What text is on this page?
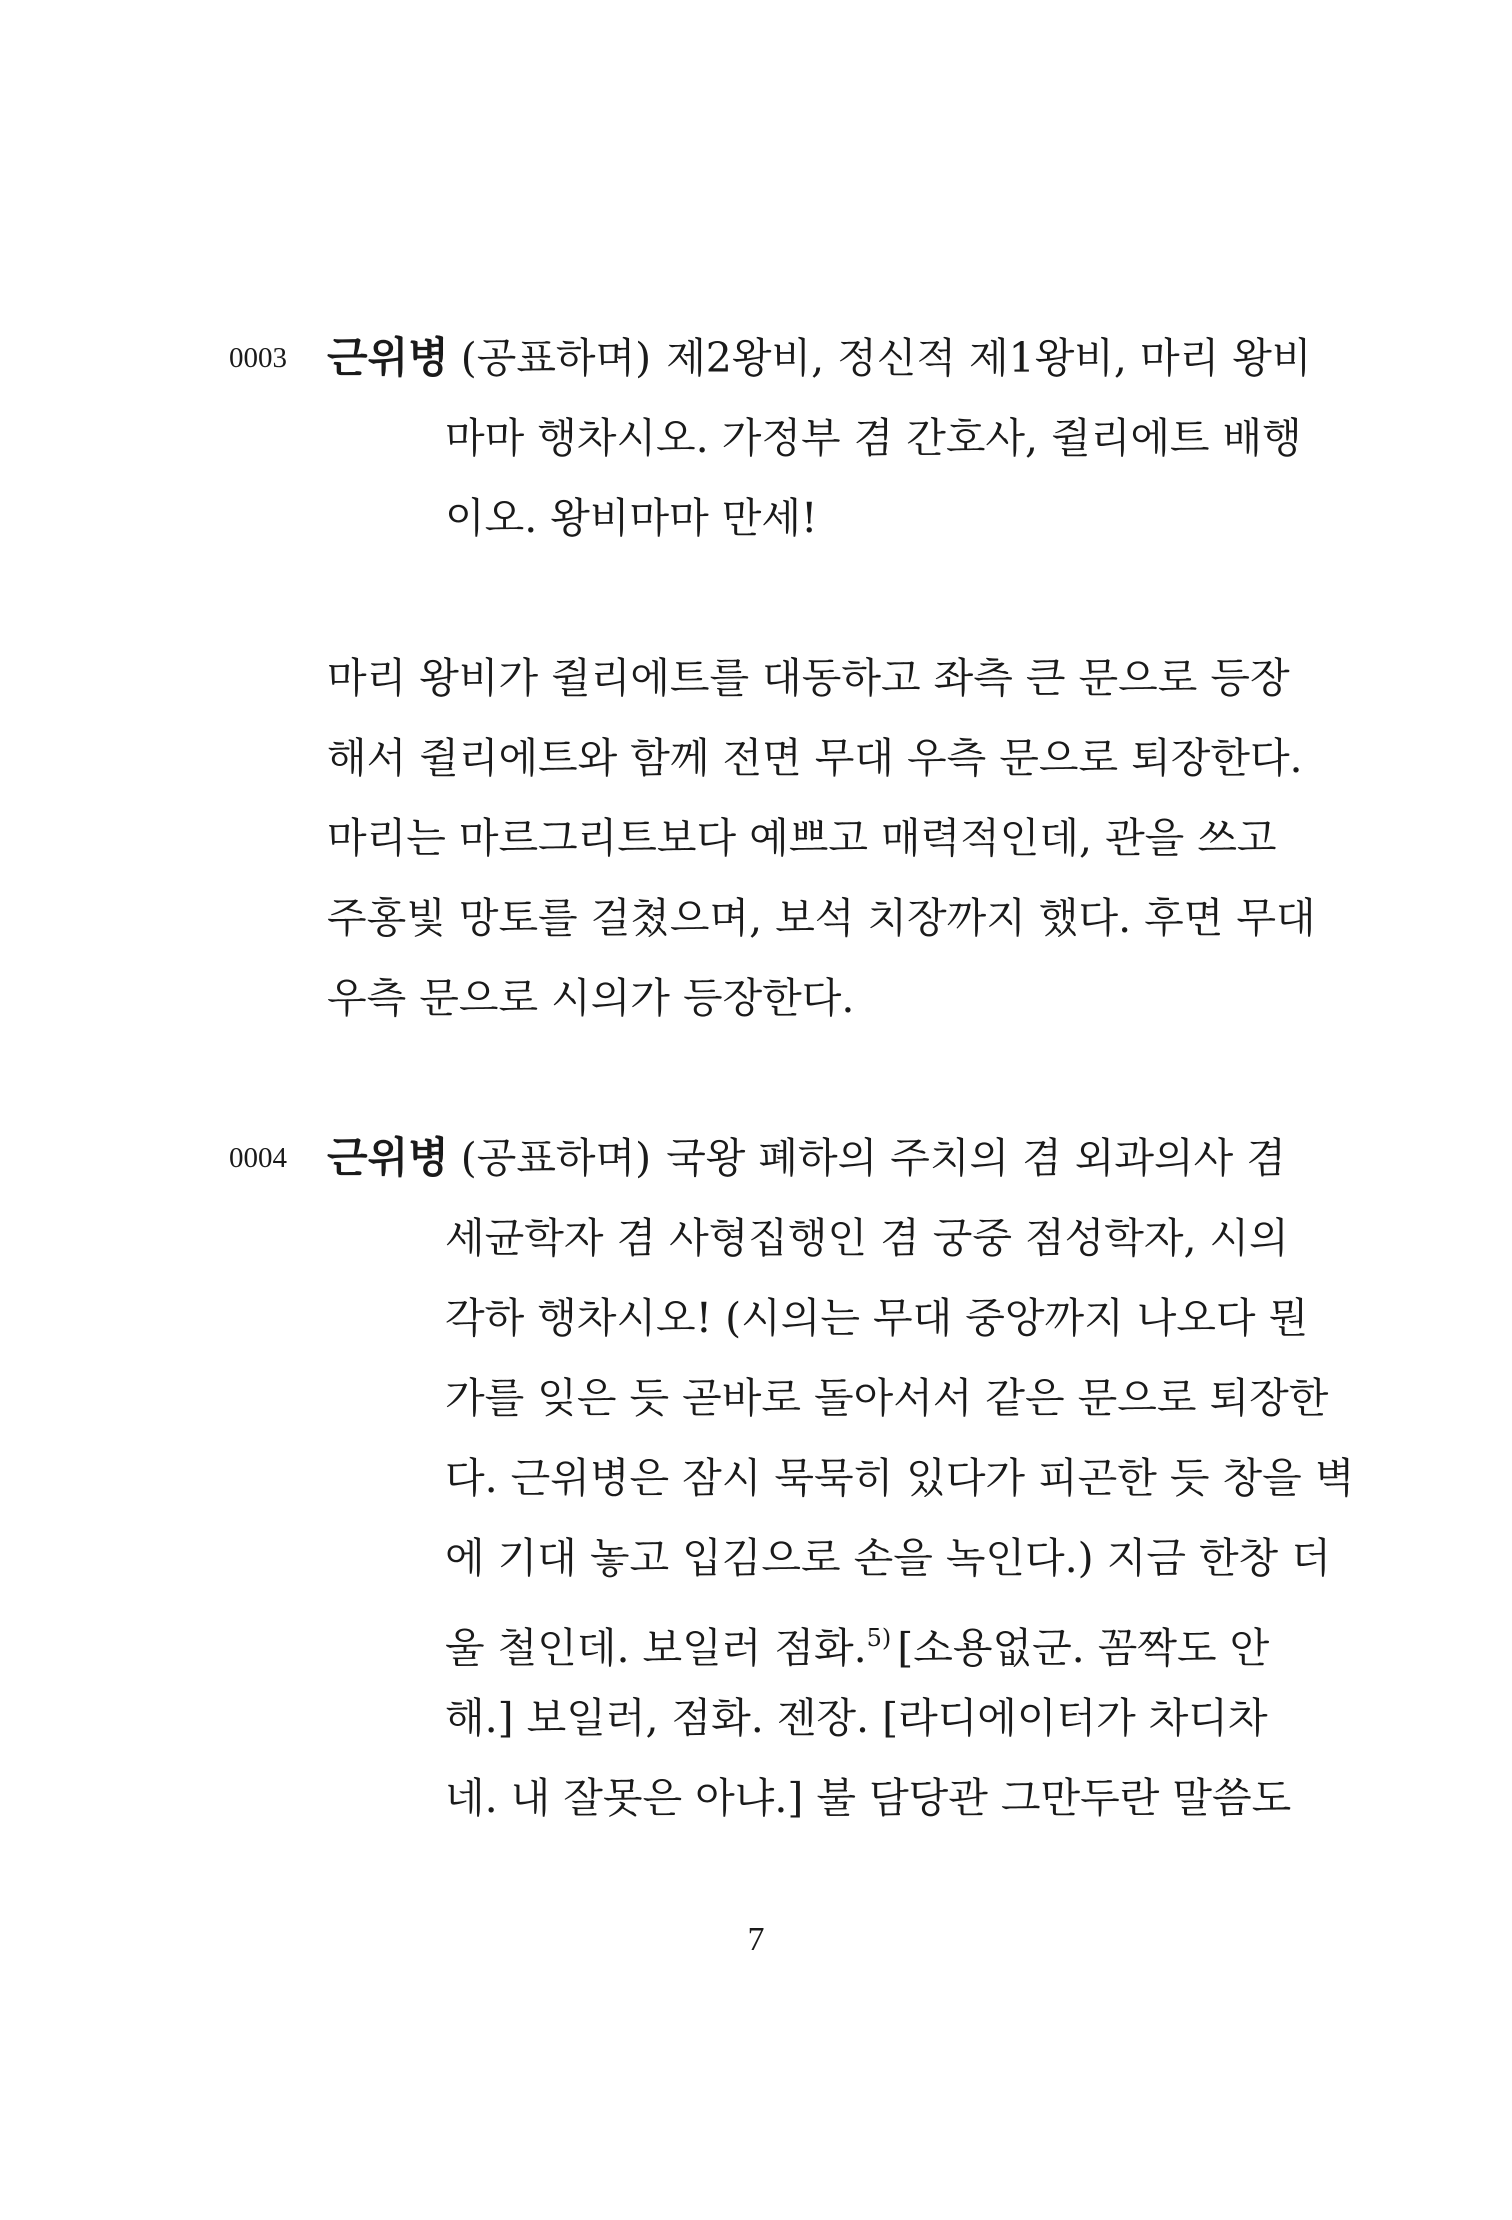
0003 근위병 (공표하며) 제2왕비, 정신적 제1왕비, 마리 왕비
마마 행차시오. 가정부 겸 간호사, 쥘리에트 배행
이오. 왕비마마 만세!
마리 왕비가 쥘리에트를 대동하고 좌측 큰 문으로 등장
해서 쥘리에트와 함께 전면 무대 우측 문으로 퇴장한다.
마리는 마르그리트보다 예쁘고 매력적인데, 관을 쓰고
주홍빛 망토를 걸쳤으며, 보석 치장까지 했다. 후면 무대
우측 문으로 시의가 등장한다.
0004 근위병 (공표하며) 국왕 폐하의 주치의 겸 외과의사 겸
세균학자 겸 사형집행인 겸 궁중 점성학자, 시의
각하 행차시오! (시의는 무대 중앙까지 나오다 뭔
가를 잊은 듯 곧바로 돌아서서 같은 문으로 퇴장한
다. 근위병은 잠시 묵묵히 있다가 피곤한 듯 창을 벽
에 기대 놓고 입김으로 손을 녹인다.) 지금 한창 더
울 철인데. 보일러 점화.$^{5)}$ [소용없군. 꼼짝도 안
해.] 보일러, 점화. 젠장. [라디에이터가 차디차
네. 내 잘못은 아냐.] 불 담당관 그만두란 말씀도
7
